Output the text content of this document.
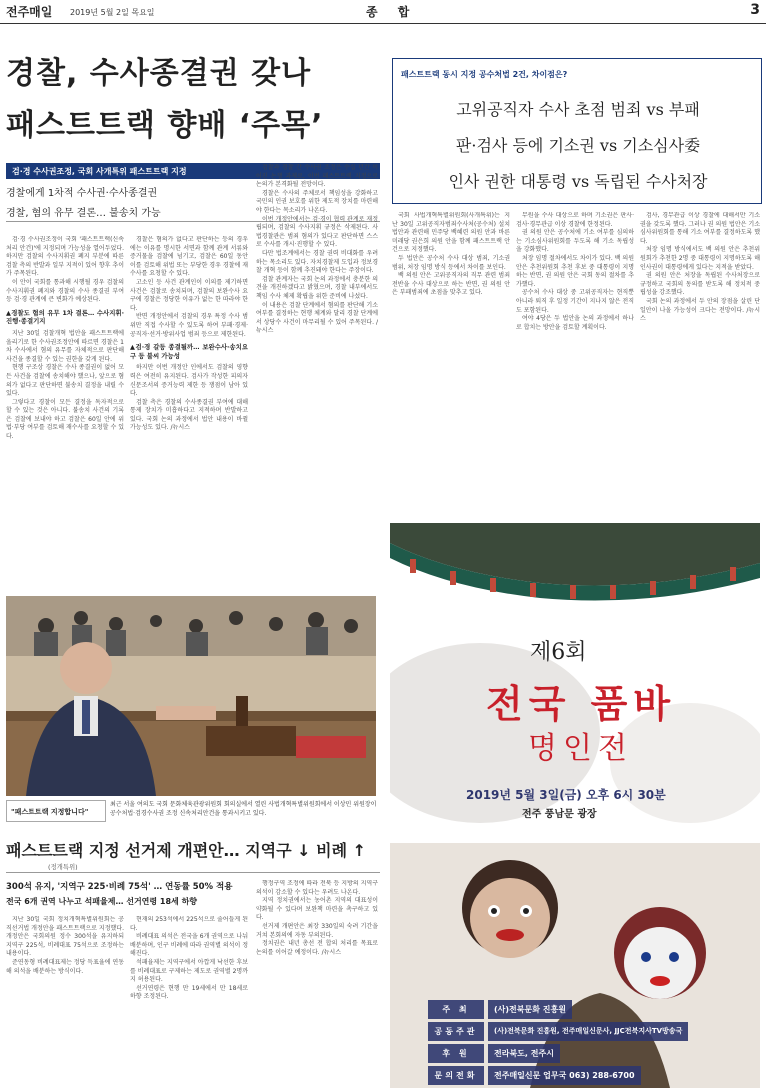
전주매일 2019년 5월 2일 목요일	종 합	3
경찰, 수사종결권 갖나
패스트트랙 향배 ‘주목’
검·경 수사권조정, 국회 사개특위 패스트트랙 지정
경찰에게 1차적 수사권·수사종결권
경찰, 혐의 유무 결론… 불송치 가능

검·경 수사권조정이 국회 '패스트트랙(신속처리 안건)'에 지정되며 가능성을 열어두었다. 하지만 검찰의 수사지휘권 폐지 부분에 따른 검찰 측의 반발과 일부 지적이 있어 향후 추이가 주목된다.

이 안이 국회를 통과해 시행될 경우 검찰의 수사지휘권 폐지와 경찰의 수사 종결권 부여 등 검·경 관계에 큰 변화가 예상된다.

▲경찰도 혐의 유무 1차 결론… 수사지휘·진행·종결기지

지난 30일 검찰개혁 법안을 패스트트랙에 올리기로 한 수사권조정안에 따르면 경찰은 1차 수사에서 혐의 유무를 자체적으로 판단해 사건을 종결할 수 있는 권한을 갖게 된다.

현행 구조상 경찰은 수사 종결권이 없어 모든 사건을 검찰에 송치해야 했으나, 앞으로 혐의가 없다고 판단하면 불송치 결정을 내릴 수 있다.

그렇다고 경찰이 모든 결정을 독자적으로 할 수 있는 것은 아니다. 불송치 사건의 기록은 검찰에 보내야 하고 검찰은 60일 안에 위법·부당 여부를 검토해 재수사를 요청할 수 있다.

경찰은 혐의가 없다고 판단하는 등의 경우에는 이유를 명시한 서면과 함께 관계 서류와 증거물을 검찰에 넘기고, 검찰은 60일 동안 이를 검토해 위법 또는 부당한 경우 경찰에 재수사를 요청할 수 있다.

고소인 등 사건 관계인이 이의를 제기하면 사건은 검찰로 송치되며, 검찰의 보완수사 요구에 경찰은 정당한 이유가 없는 한 따라야 한다.

반면 개정안에서 검찰의 경우 특정 수사 범위만 직접 수사할 수 있도록 하여 부패·경제·공직자·선거·방위사업 범죄 등으로 제한된다.

▲검·경 갈등 종결될까… 보완수사·송치요구 등 불씨 가능성

하지만 이번 개정안 인에서도 검찰의 영향력은 여전히 유지된다. 검사가 작성한 피의자신문조서의 증거능력 제한 등 쟁점이 남아 있다.

검찰 측은 경찰의 수사종결권 부여에 대해 통제 장치가 미흡하다고 지적하며 반발하고 있다. 국회 논의 과정에서 법안 내용이 바뀔 가능성도 있다. /뉴시스

검찰과 경찰 간 수사권 조정은 수십 년간 이어진 논쟁 과제로, 이번 패스트트랙 지정으로 논의가 본격화될 전망이다.

경찰은 수사의 주체로서 책임성을 강화하고 국민의 인권 보호를 위한 제도적 장치를 마련해야 한다는 목소리가 나온다.

이번 개정안에서는 검·경이 협력 관계로 재정립되며, 검찰의 수사지휘 규정은 삭제된다. 사법경찰관은 범죄 혐의가 있다고 판단하면 스스로 수사를 개시·진행할 수 있다.

다만 법조계에서는 경찰 권력 비대화를 우려하는 목소리도 있다. 자치경찰제 도입과 정보경찰 개혁 등이 함께 추진돼야 한다는 주장이다.

검찰 관계자는 국회 논의 과정에서 충분한 의견을 개진하겠다고 밝혔으며, 경찰 내부에서도 책임 수사 체제 확립을 위한 준비에 나섰다.

이 내용은 검찰 단계에서 혐의를 판단해 기소 여부를 결정하는 현행 체계와 달리 경찰 단계에서 상당수 사건이 마무리될 수 있어 주목된다. /뉴시스

패스트트랙 동시 지정 공수처법 2건, 차이점은?
고위공직자 수사 초점 범죄 vs 부패
판·검사 등에 기소권 vs 기소심사委
인사 권한 대통령 vs 독립된 수사처장

국회 사법개혁특별위원회(사개특위)는 지난 30일 고위공직자범죄수사처(공수처) 설치 법안과 관련해 민주당 백혜련 의원 안과 바른미래당 권은희 의원 안을 함께 패스트트랙 안건으로 지정했다.

두 법안은 공수처 수사 대상 범죄, 기소권 범위, 처장 임명 방식 등에서 차이를 보인다.

백 의원 안은 고위공직자의 직무 관련 범죄 전반을 수사 대상으로 하는 반면, 권 의원 안은 부패범죄에 초점을 맞추고 있다.

무원을 수사 대상으로 하며 기소권은 판사·검사·경무관급 이상 경찰에 한정된다.

권 의원 안은 공수처에 기소 여부를 심의하는 기소심사위원회를 두도록 해 기소 독립성을 강화했다.

처장 임명 절차에서도 차이가 있다. 백 의원 안은 추천위원회 추천 후보 중 대통령이 지명하는 반면, 권 의원 안은 국회 동의 절차를 추가했다.

공수처 수사 대상 중 고위공직자는 현직뿐 아니라 퇴직 후 일정 기간이 지나지 않은 전직도 포함된다.

여야 4당은 두 법안을 논의 과정에서 하나로 합치는 방안을 검토할 계획이다.

검사, 경무관급 이상 경찰에 대해서만 기소권을 갖도록 했다. 그러나 권 의원 법안은 기소심사위원회를 통해 기소 여부를 결정하도록 했다.

처장 임명 방식에서도 백 의원 안은 추천위원회가 추천한 2명 중 대통령이 지명하도록 해 인사권이 대통령에게 있다는 지적을 받았다.

권 의원 안은 처장을 독립된 수사처장으로 규정하고 국회의 동의를 받도록 해 정치적 중립성을 강조했다.

국회 논의 과정에서 두 안의 장점을 살린 단일안이 나올 가능성이 크다는 전망이다. /뉴시스

"패스트트랙 지정합니다"
최근 서울 여의도 국회 문화체육관광위원회 회의실에서 열린 사법개혁특별위원회에서 이상민 위원장이 공수처법·검경수사권 조정 신속처리안건을 통과시키고 있다.
패스트트랙 지정 선거제 개편안… 지역구 ↓ 비례 ↑
(정개특위)
300석 유지, '지역구 225·비례 75석' … 연동률 50% 적용
전국 6개 권역 나누고 석패율제… 선거연령 18세 하향

지난 30일 국회 정치개혁특별위원회는 공직선거법 개정안을 패스트트랙으로 지정했다. 개정안은 국회의원 정수 300석을 유지하되 지역구 225석, 비례대표 75석으로 조정하는 내용이다.

준연동형 비례대표제는 정당 득표율에 연동해 의석을 배분하는 방식이다.

현재의 253석에서 225석으로 줄어들게 된다.

비례대표 의석은 전국을 6개 권역으로 나눠 배분하며, 인구 비례에 따라 권역별 의석이 정해진다.

석패율제는 지역구에서 아깝게 낙선한 후보를 비례대표로 구제하는 제도로 권역별 2명까지 허용된다.

선거연령은 현행 만 19세에서 만 18세로 하향 조정된다.

행정구역 조정에 따라 전북 등 지방의 지역구 의석이 감소할 수 있다는 우려도 나온다.

지역 정치권에서는 농어촌 지역의 대표성이 약화될 수 있다며 보완책 마련을 촉구하고 있다.

선거제 개편안은 최장 330일의 숙려 기간을 거쳐 본회의에 자동 부의된다.

정치권은 내년 총선 전 합의 처리를 목표로 논의를 이어갈 예정이다. /뉴시스

제6회
전국 품바
명인전
2019년 5월 3일(금) 오후 6시 30분
전주 풍남문 광장
주 최	(사)전북문화 진흥원
공동주관	(사)전북문화 진흥원, 전주매일신문사, JJC전북지사TV방송국
후 원	전라북도, 전주시
문의전화	전주매일신문 업무국 063) 288-6700
